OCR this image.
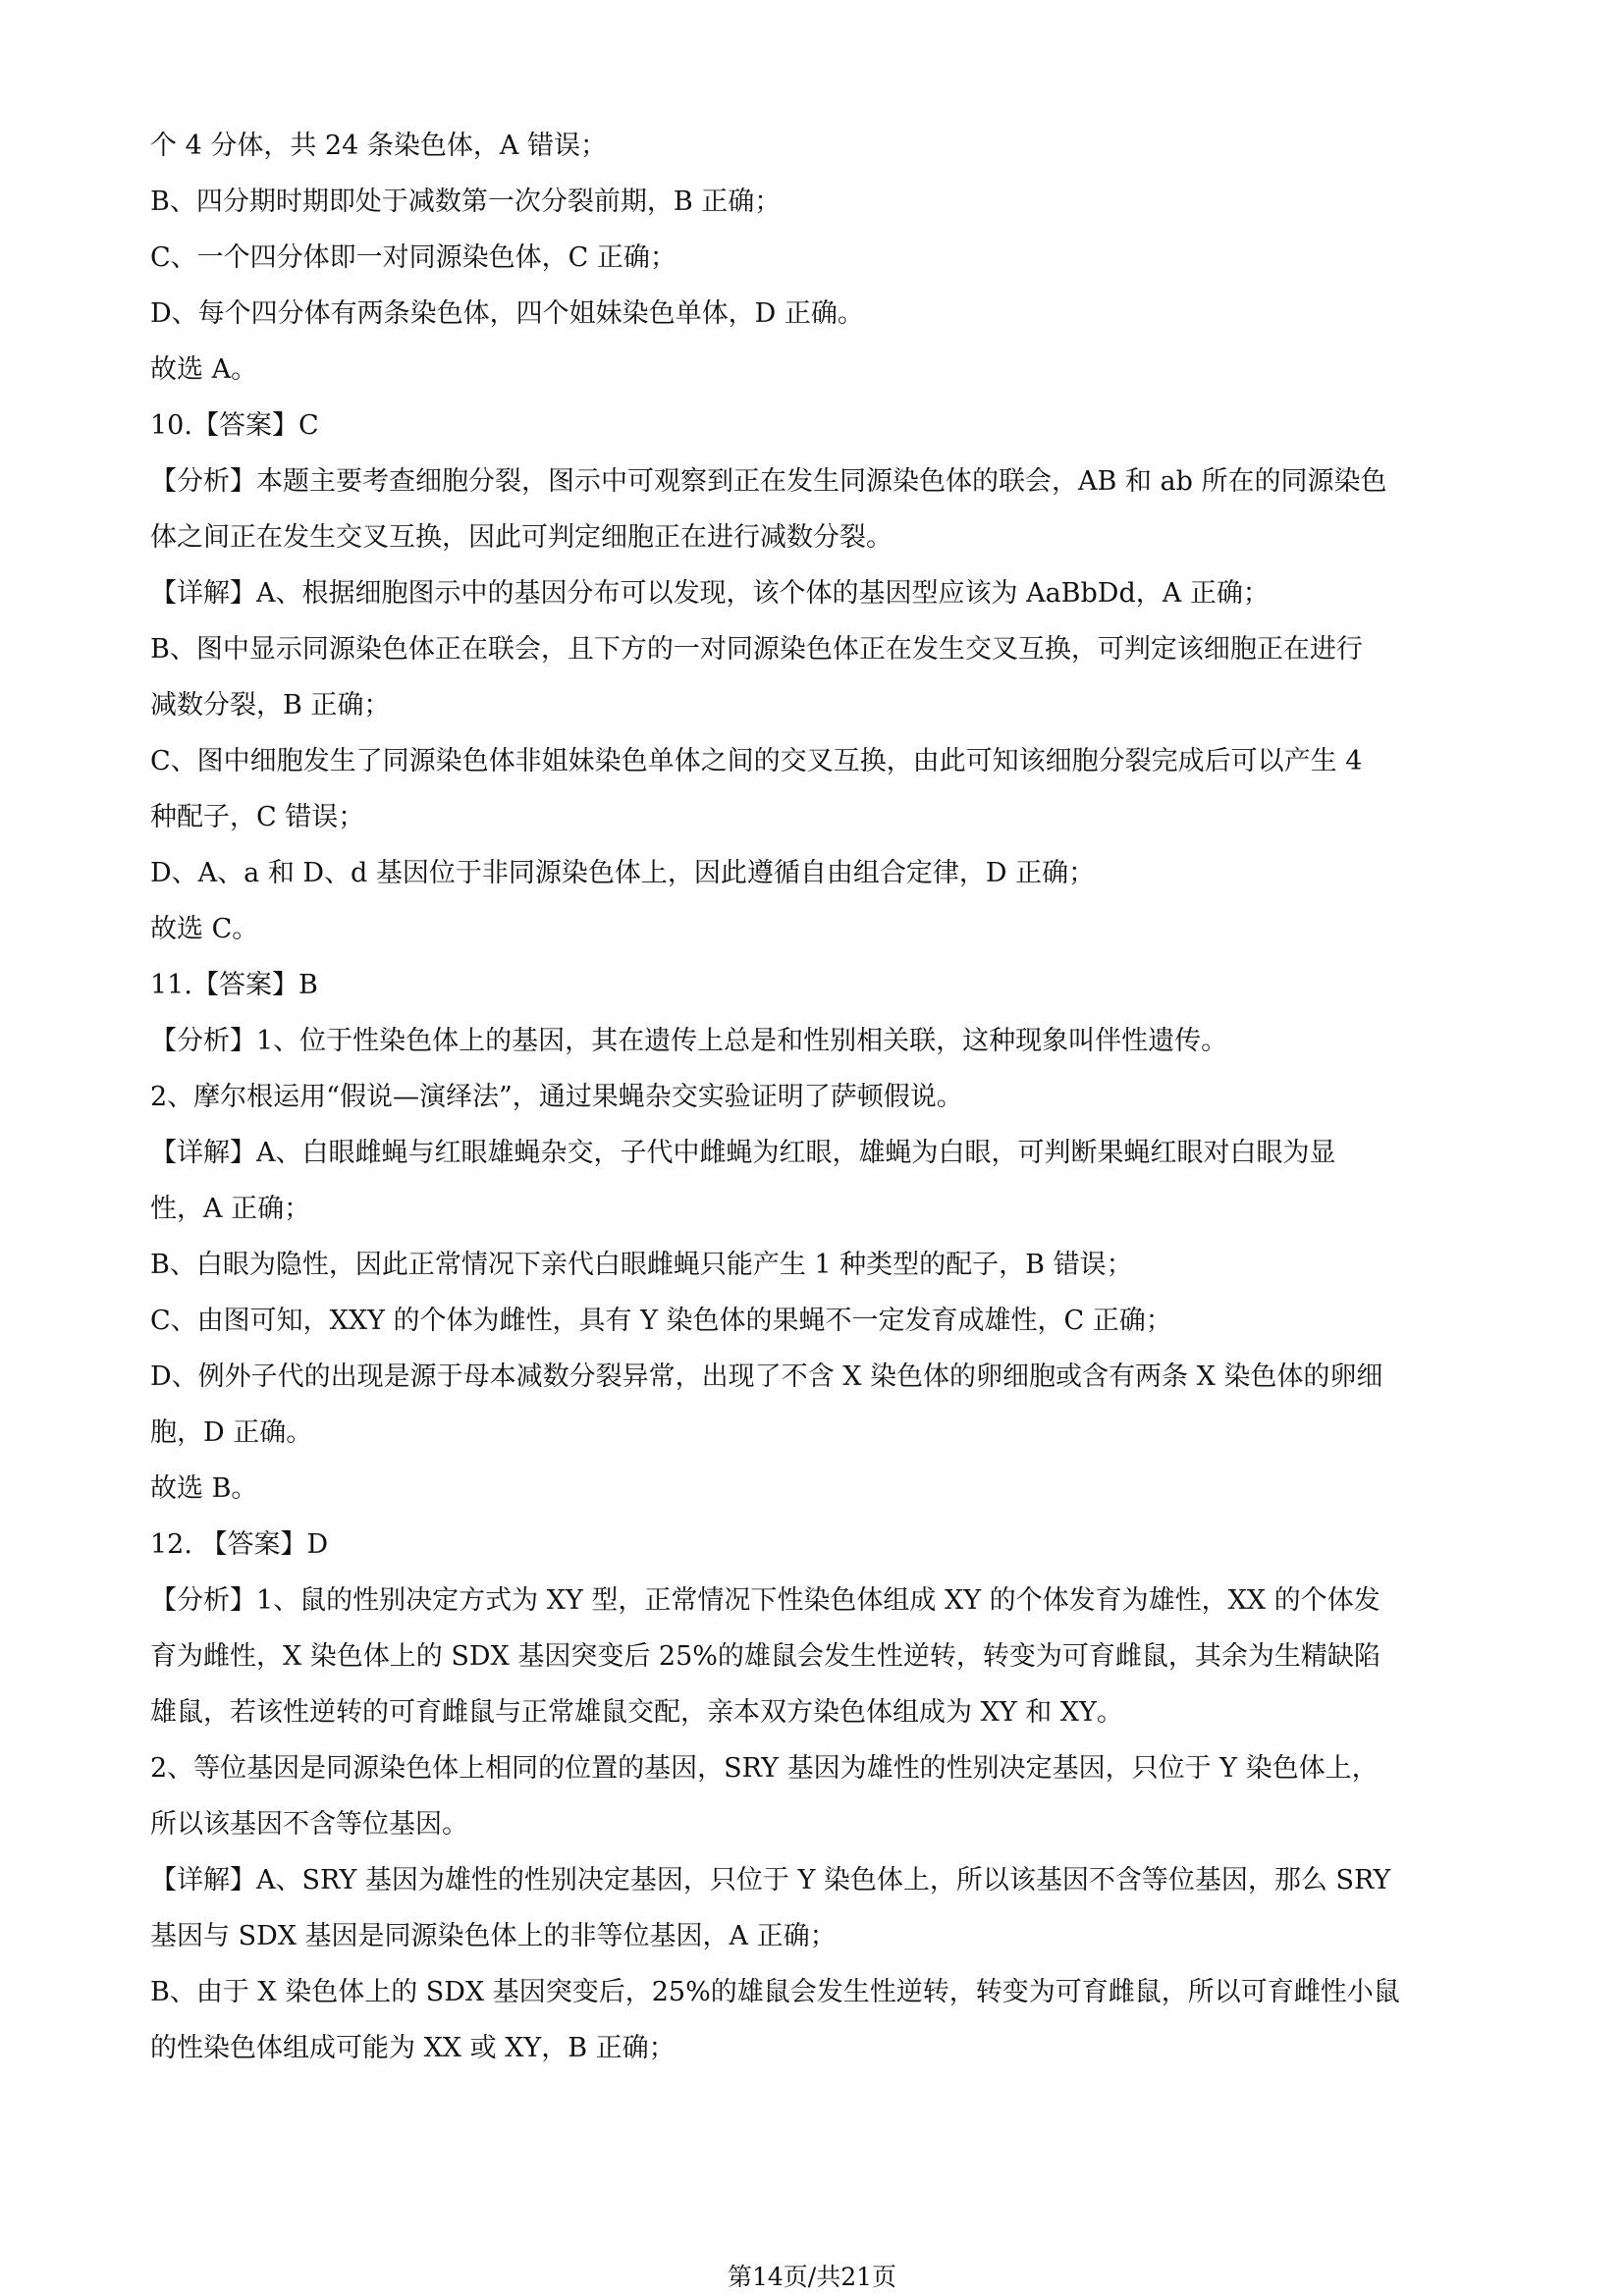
个 4 分体，共 24 条染色体，A 错误；
B、四分期时期即处于减数第一次分裂前期，B 正确；
C、一个四分体即一对同源染色体，C 正确；
D、每个四分体有两条染色体，四个姐妹染色单体，D 正确。
故选 A。
10.【答案】C
【分析】本题主要考查细胞分裂，图示中可观察到正在发生同源染色体的联会，AB 和 ab 所在的同源染色
体之间正在发生交叉互换，因此可判定细胞正在进行减数分裂。
【详解】A、根据细胞图示中的基因分布可以发现，该个体的基因型应该为 AaBbDd，A 正确；
B、图中显示同源染色体正在联会，且下方的一对同源染色体正在发生交叉互换，可判定该细胞正在进行
减数分裂，B 正确；
C、图中细胞发生了同源染色体非姐妹染色单体之间的交叉互换，由此可知该细胞分裂完成后可以产生 4
种配子，C 错误；
D、A、a 和 D、d 基因位于非同源染色体上，因此遵循自由组合定律，D 正确；
故选 C。
11.【答案】B
【分析】1、位于性染色体上的基因，其在遗传上总是和性别相关联，这种现象叫伴性遗传。
2、摩尔根运用“假说—演绎法”，通过果蝇杂交实验证明了萨顿假说。
【详解】A、白眼雌蝇与红眼雄蝇杂交，子代中雌蝇为红眼，雄蝇为白眼，可判断果蝇红眼对白眼为显
性，A 正确；
B、白眼为隐性，因此正常情况下亲代白眼雌蝇只能产生 1 种类型的配子，B 错误；
C、由图可知，XXY 的个体为雌性，具有 Y 染色体的果蝇不一定发育成雄性，C 正确；
D、例外子代的出现是源于母本减数分裂异常，出现了不含 X 染色体的卵细胞或含有两条 X 染色体的卵细
胞，D 正确。
故选 B。
12. 【答案】D
【分析】1、鼠的性别决定方式为 XY 型，正常情况下性染色体组成 XY 的个体发育为雄性，XX 的个体发
育为雌性，X 染色体上的 SDX 基因突变后 25%的雄鼠会发生性逆转，转变为可育雌鼠，其余为生精缺陷
雄鼠，若该性逆转的可育雌鼠与正常雄鼠交配，亲本双方染色体组成为 XY 和 XY。
2、等位基因是同源染色体上相同的位置的基因，SRY 基因为雄性的性别决定基因，只位于 Y 染色体上，
所以该基因不含等位基因。
【详解】A、SRY 基因为雄性的性别决定基因，只位于 Y 染色体上，所以该基因不含等位基因，那么 SRY
基因与 SDX 基因是同源染色体上的非等位基因，A 正确；
B、由于 X 染色体上的 SDX 基因突变后，25%的雄鼠会发生性逆转，转变为可育雌鼠，所以可育雌性小鼠
的性染色体组成可能为 XX 或 XY，B 正确；
第14页/共21页
